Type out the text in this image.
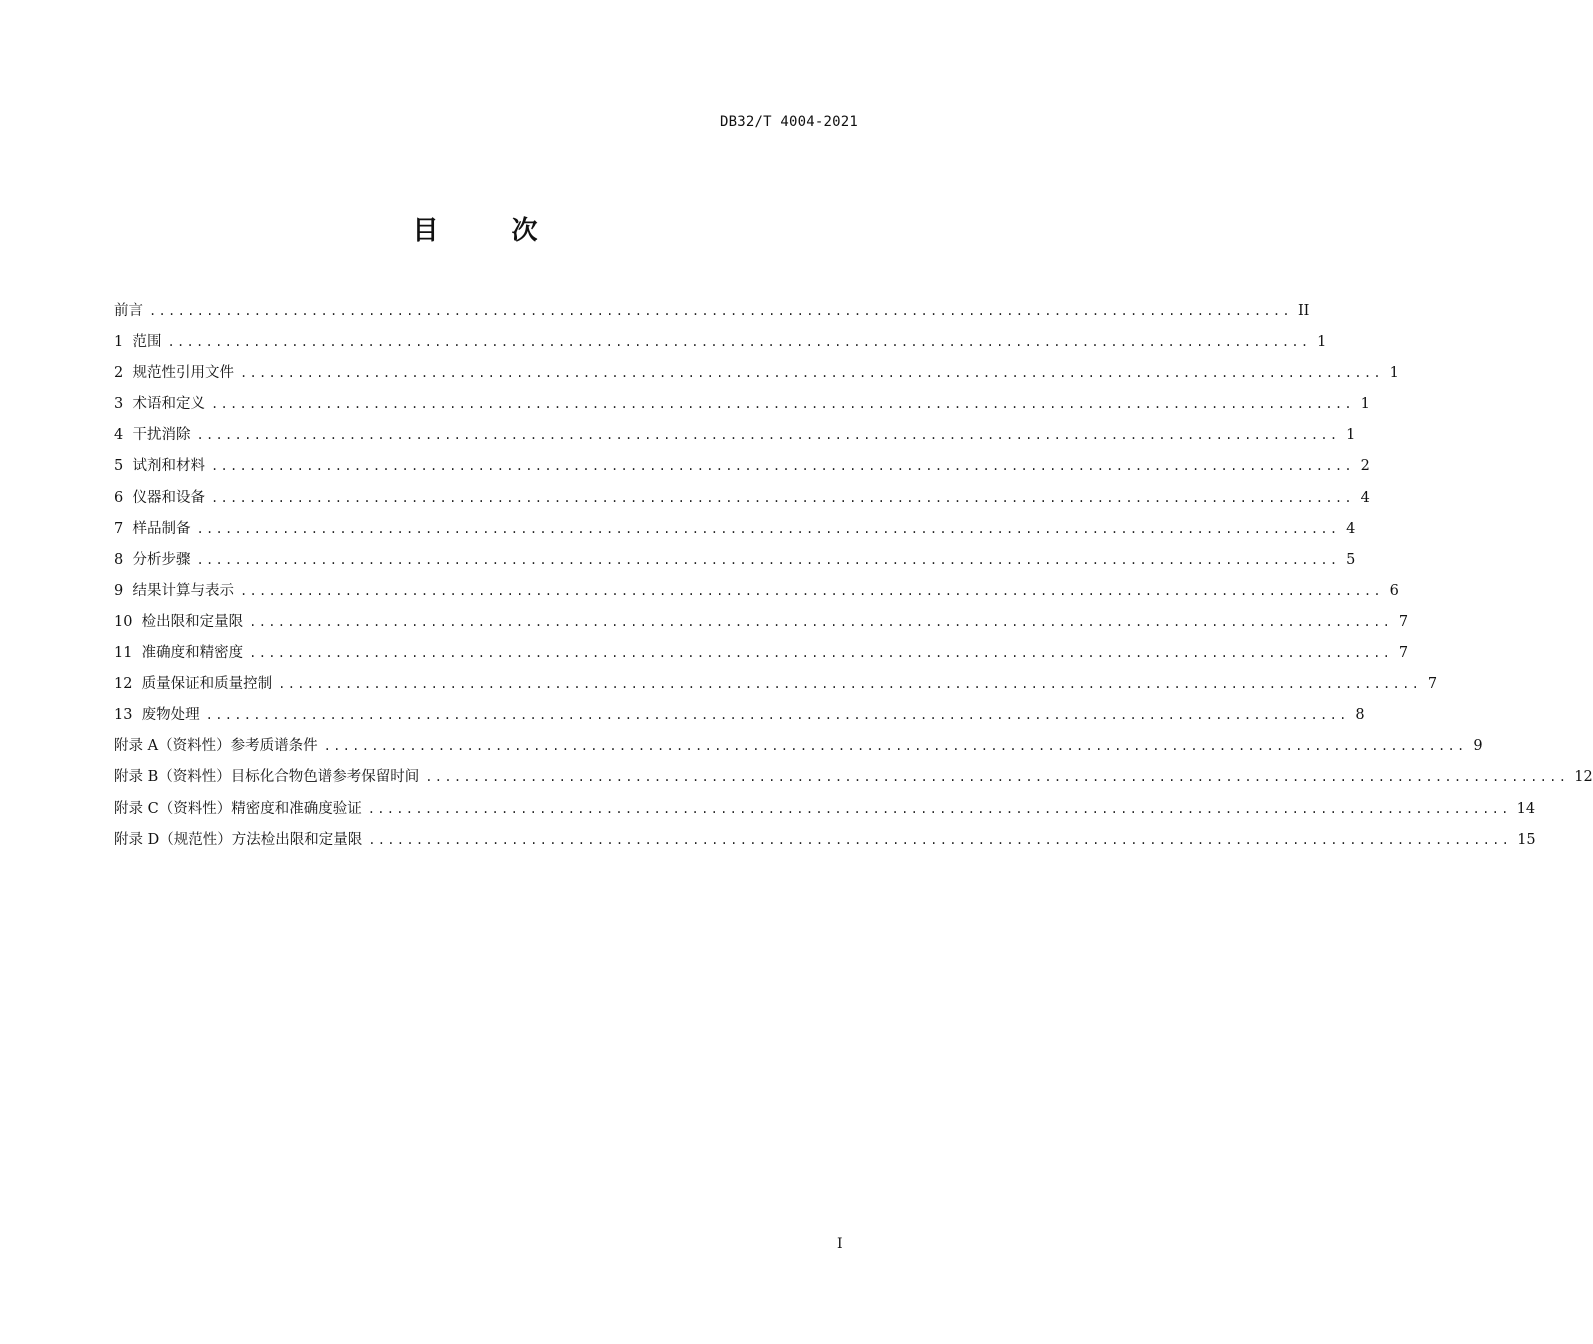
DB32/T 4004-2021
目 次
前言 ........................................................................................................................ II
1
范围 ........................................................................................................................ 1
2
规范性引用文件 ........................................................................................................................ 1
3
术语和定义 ........................................................................................................................ 1
4
干扰消除 ........................................................................................................................ 1
5
试剂和材料 ........................................................................................................................ 2
6
仪器和设备 ........................................................................................................................ 4
7
样品制备 ........................................................................................................................ 4
8
分析步骤 ........................................................................................................................ 5
9
结果计算与表示 ........................................................................................................................ 6
10
检出限和定量限 ........................................................................................................................ 7
11
准确度和精密度 ........................................................................................................................ 7
12
质量保证和质量控制 ........................................................................................................................ 7
13
废物处理 ........................................................................................................................ 8
附录 A（资料性）参考质谱条件 ........................................................................................................................ 9
附录 B（资料性）目标化合物色谱参考保留时间 ........................................................................................................................ 12
附录 C（资料性）精密度和准确度验证 ........................................................................................................................ 14
附录 D（规范性）方法检出限和定量限 ........................................................................................................................ 15
I
